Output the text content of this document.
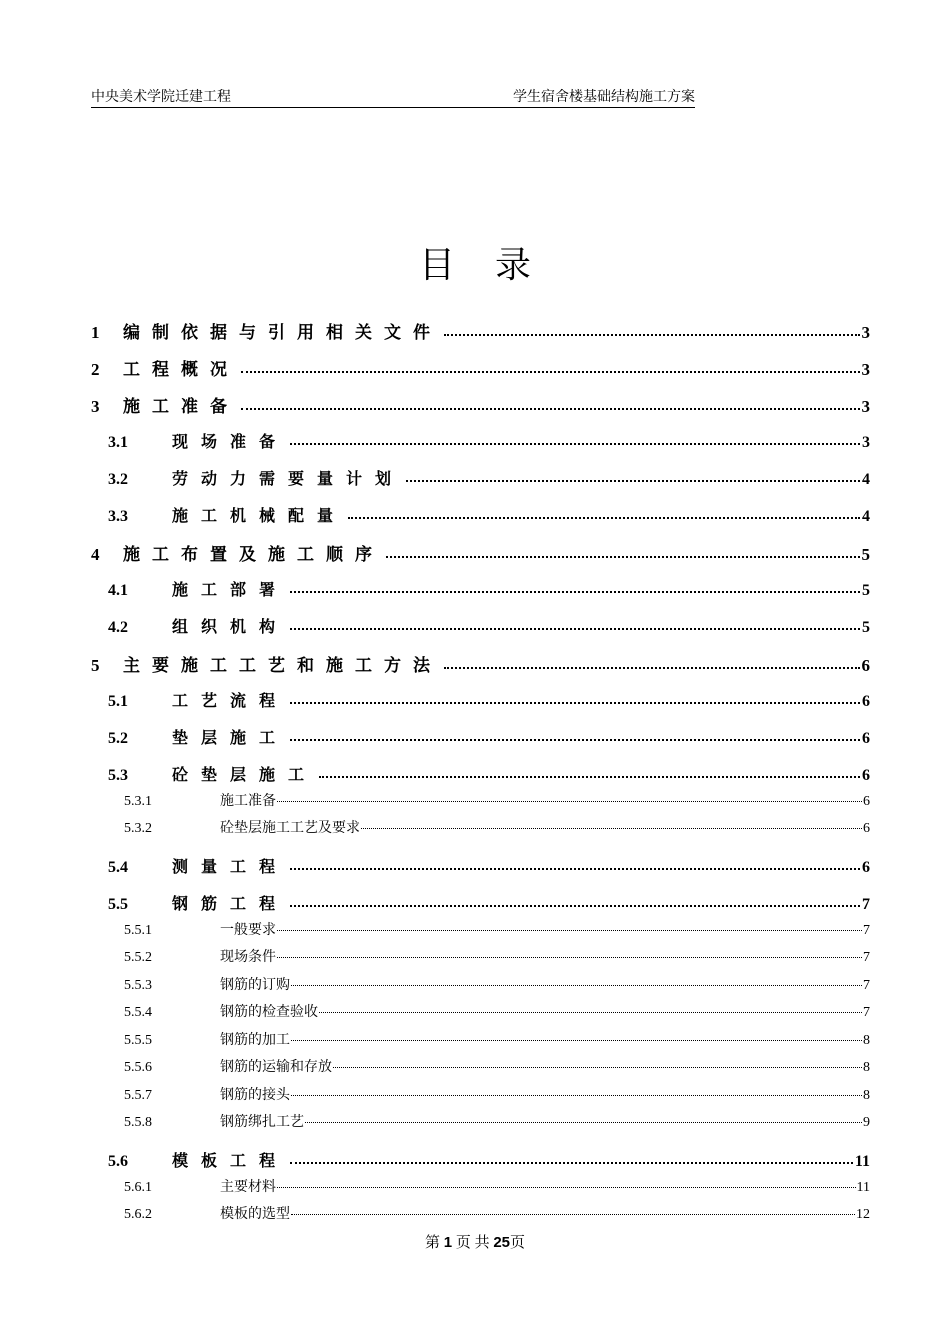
中央美术学院迁建工程	学生宿舍楼基础结构施工方案
目录
1	编制依据与引用相关文件	3
2	工程概况	3
3	施工准备	3
3.1	现场准备	3
3.2	劳动力需要量计划	4
3.3	施工机械配量	4
4	施工布置及施工顺序	5
4.1	施工部署	5
4.2	组织机构	5
5	主要施工工艺和施工方法	6
5.1	工艺流程	6
5.2	垫层施工	6
5.3	砼垫层施工	6
5.3.1	施工准备	6
5.3.2	砼垫层施工工艺及要求	6
5.4	测量工程	6
5.5	钢筋工程	7
5.5.1	一般要求	7
5.5.2	现场条件	7
5.5.3	钢筋的订购	7
5.5.4	钢筋的检查验收	7
5.5.5	钢筋的加工	8
5.5.6	钢筋的运输和存放	8
5.5.7	钢筋的接头	8
5.5.8	钢筋绑扎工艺	9
5.6	模板工程	11
5.6.1	主要材料	11
5.6.2	模板的选型	12
第 1 页 共 25页
